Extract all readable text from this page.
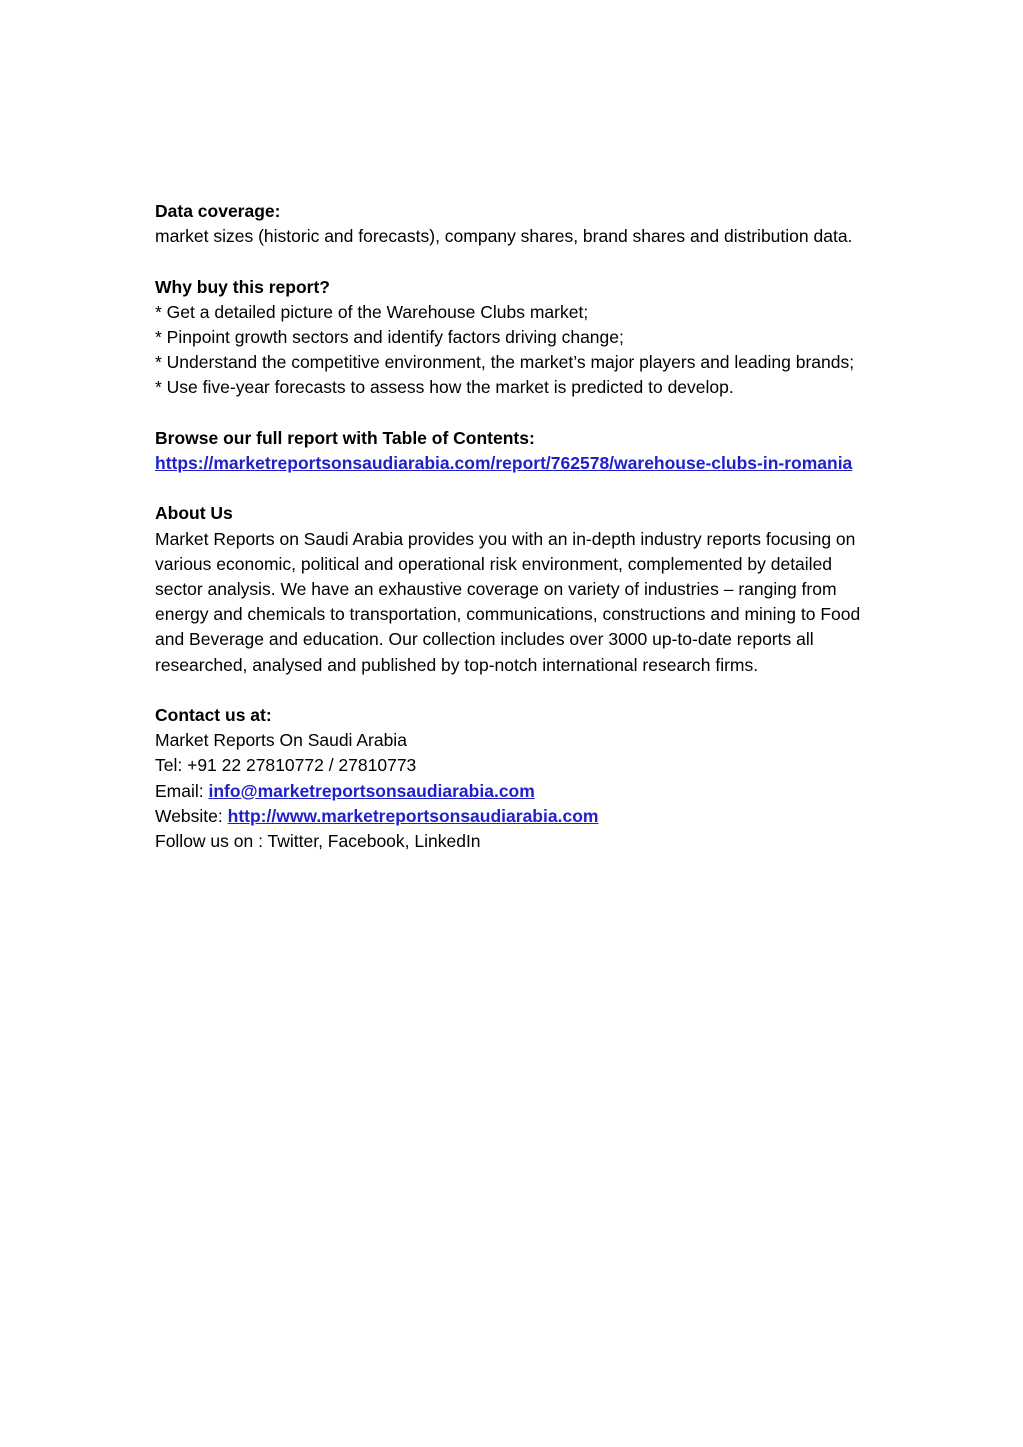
Data coverage:
market sizes (historic and forecasts), company shares, brand shares and distribution data.
Why buy this report?
* Get a detailed picture of the Warehouse Clubs market;
* Pinpoint growth sectors and identify factors driving change;
* Understand the competitive environment, the market’s major players and leading brands;
* Use five-year forecasts to assess how the market is predicted to develop.
Browse our full report with Table of Contents:
https://marketreportsonsaudiarabia.com/report/762578/warehouse-clubs-in-romania
About Us
Market Reports on Saudi Arabia provides you with an in-depth industry reports focusing on various economic, political and operational risk environment, complemented by detailed sector analysis. We have an exhaustive coverage on variety of industries – ranging from energy and chemicals to transportation, communications, constructions and mining to Food and Beverage and education. Our collection includes over 3000 up-to-date reports all researched, analysed and published by top-notch international research firms.
Contact us at:
Market Reports On Saudi Arabia
Tel: +91 22 27810772 / 27810773
Email: info@marketreportsonsaudiarabia.com
Website: http://www.marketreportsonsaudiarabia.com
Follow us on : Twitter, Facebook, LinkedIn
